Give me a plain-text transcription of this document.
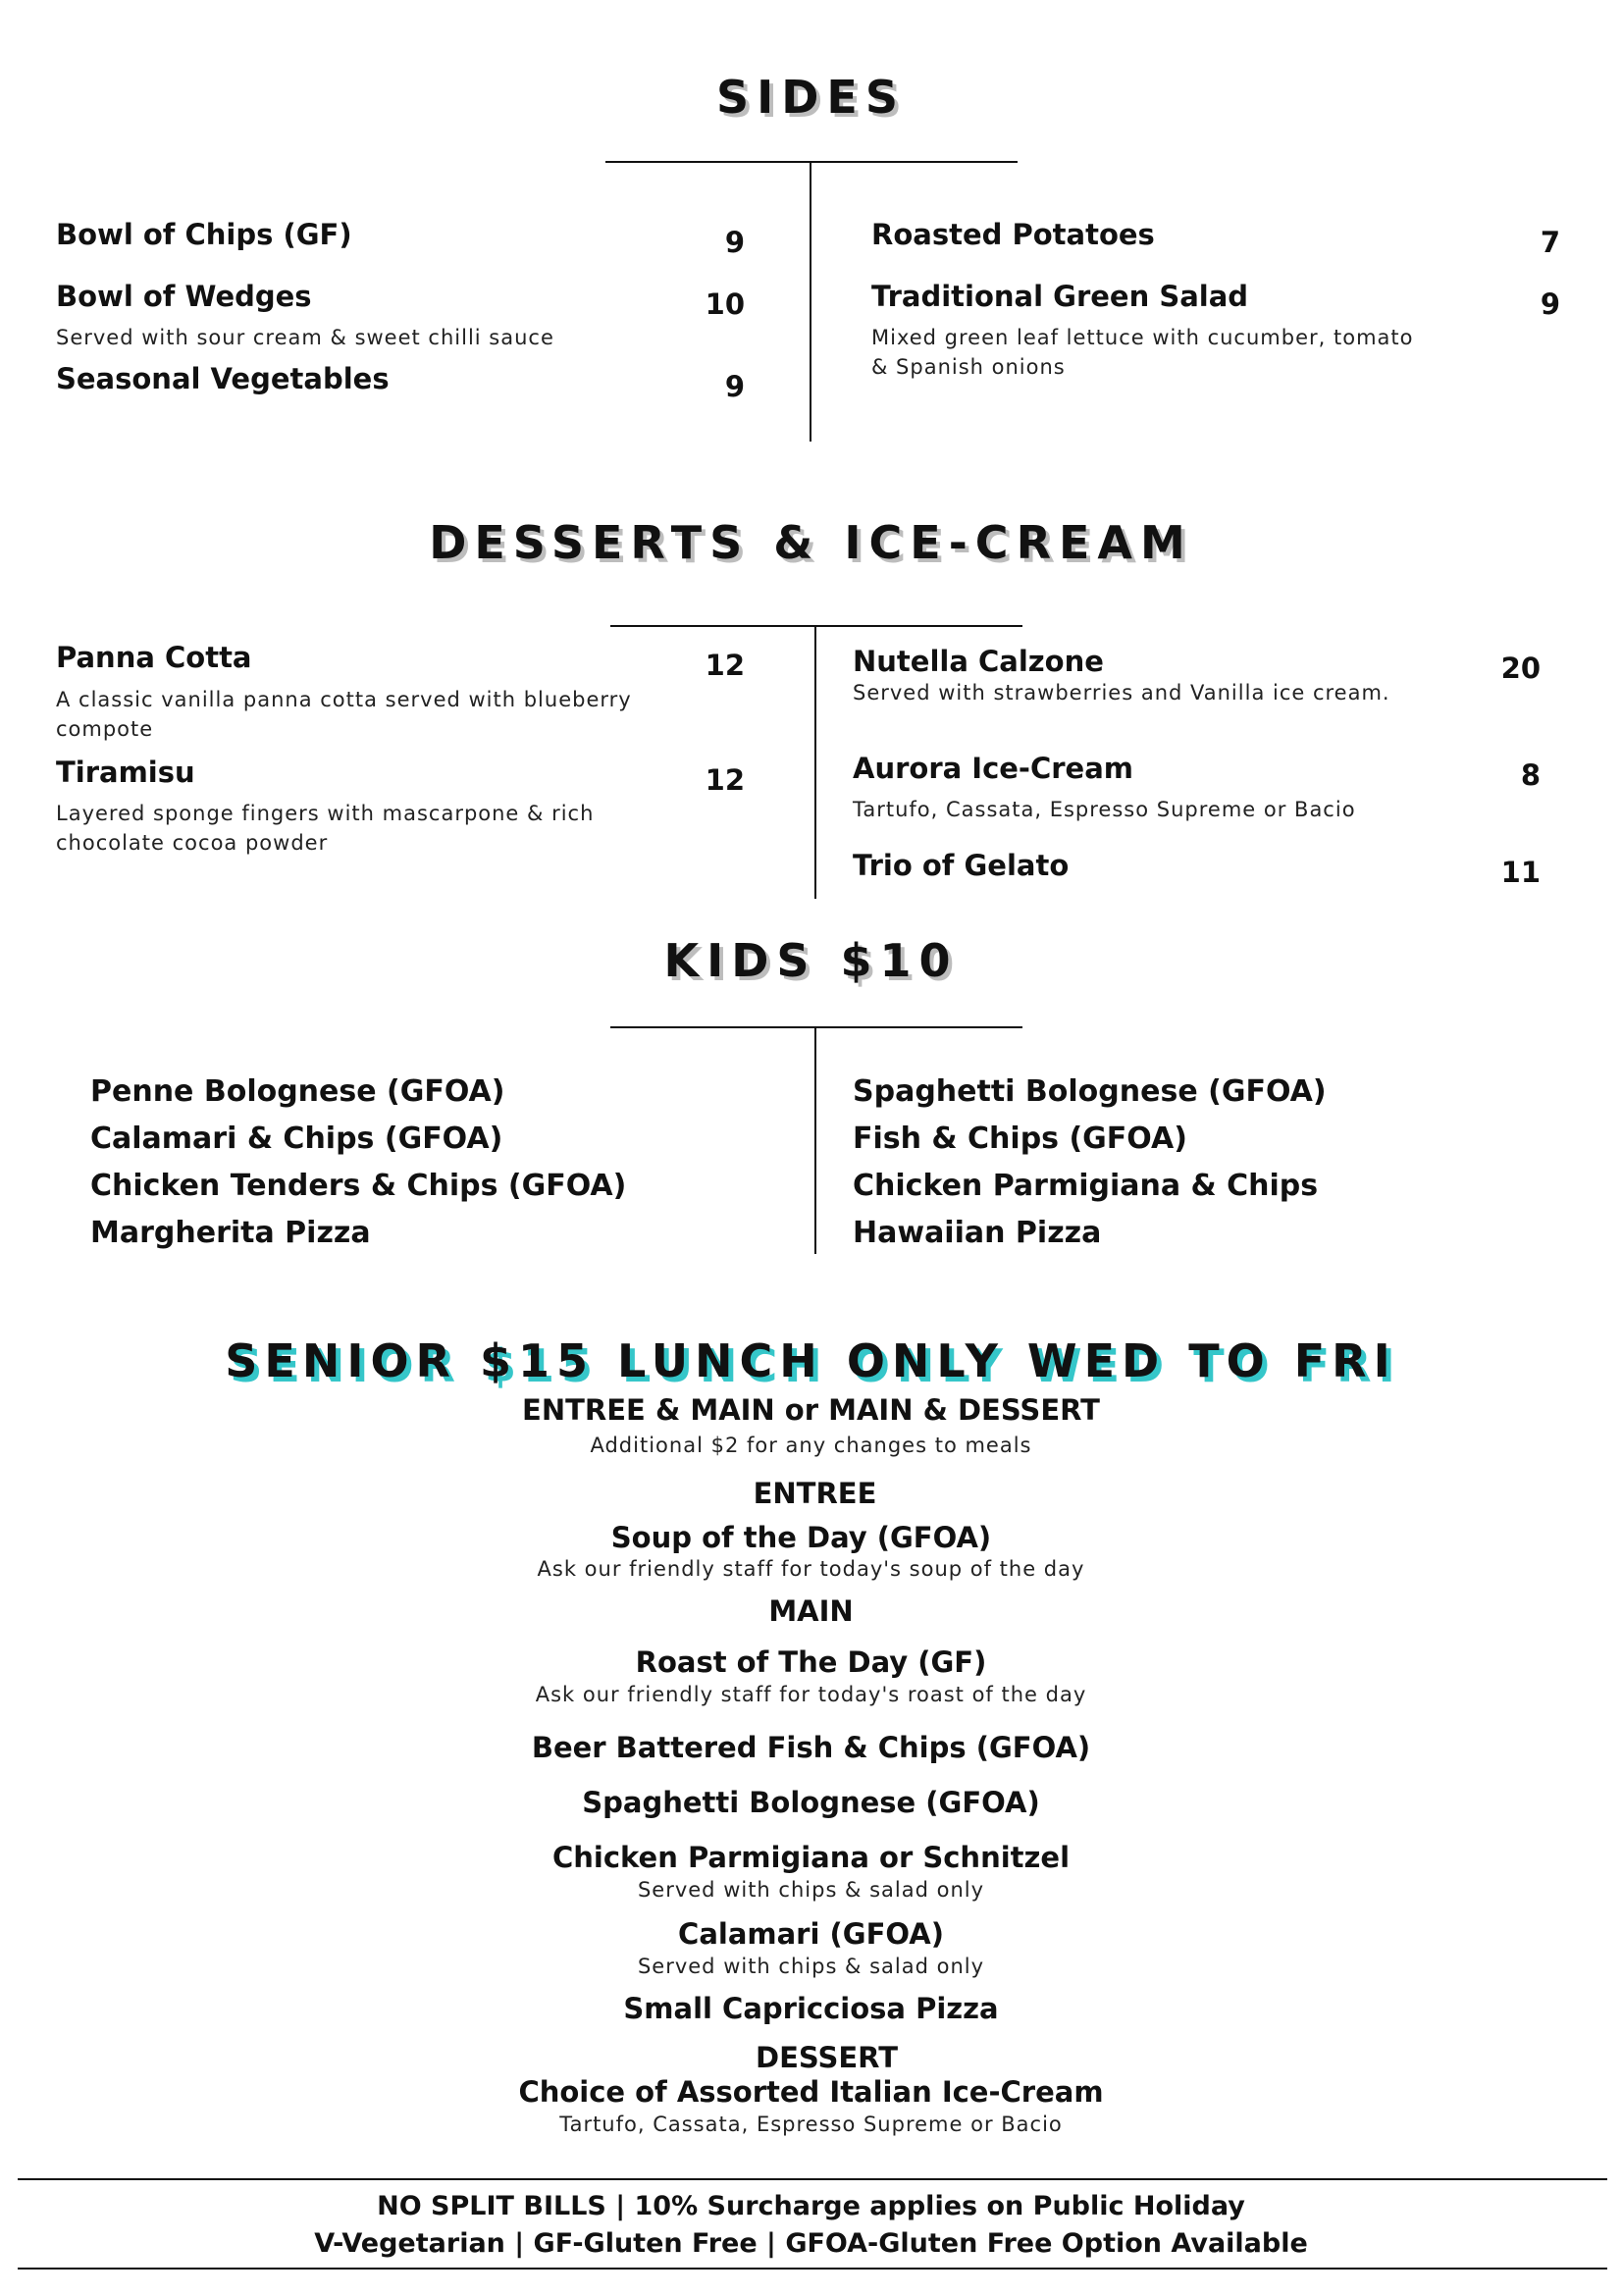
SIDES
Bowl of Chips (GF)	9
Bowl of Wedges	10
Served with sour cream & sweet chilli sauce
Seasonal Vegetables	9
Roasted Potatoes	7
Traditional Green Salad	9
Mixed green leaf lettuce with cucumber, tomato & Spanish onions
DESSERTS & ICE-CREAM
Panna Cotta	12
A classic vanilla panna cotta served with blueberry compote
Tiramisu	12
Layered sponge fingers with mascarpone & rich chocolate cocoa powder
Nutella Calzone	20
Served with strawberries and Vanilla ice cream.
Aurora Ice-Cream	8
Tartufo, Cassata, Espresso Supreme or Bacio
Trio of Gelato	11
KIDS $10
Penne Bolognese (GFOA)
Calamari & Chips (GFOA)
Chicken Tenders & Chips (GFOA)
Margherita Pizza
Spaghetti Bolognese (GFOA)
Fish & Chips (GFOA)
Chicken Parmigiana & Chips
Hawaiian Pizza
SENIOR $15 LUNCH ONLY WED TO FRI
ENTREE & MAIN or MAIN & DESSERT
Additional $2 for any changes to meals
ENTREE
Soup of the Day (GFOA)
Ask our friendly staff for today's soup of the day
MAIN
Roast of The Day (GF)
Ask our friendly staff for today's roast of the day
Beer Battered Fish & Chips (GFOA)
Spaghetti Bolognese (GFOA)
Chicken Parmigiana or Schnitzel
Served with chips & salad only
Calamari (GFOA)
Served with chips & salad only
Small Capricciosa Pizza
DESSERT
Choice of Assorted Italian Ice-Cream
Tartufo, Cassata, Espresso Supreme or Bacio
NO SPLIT BILLS | 10% Surcharge applies on Public Holiday
V-Vegetarian | GF-Gluten Free | GFOA-Gluten Free Option Available
